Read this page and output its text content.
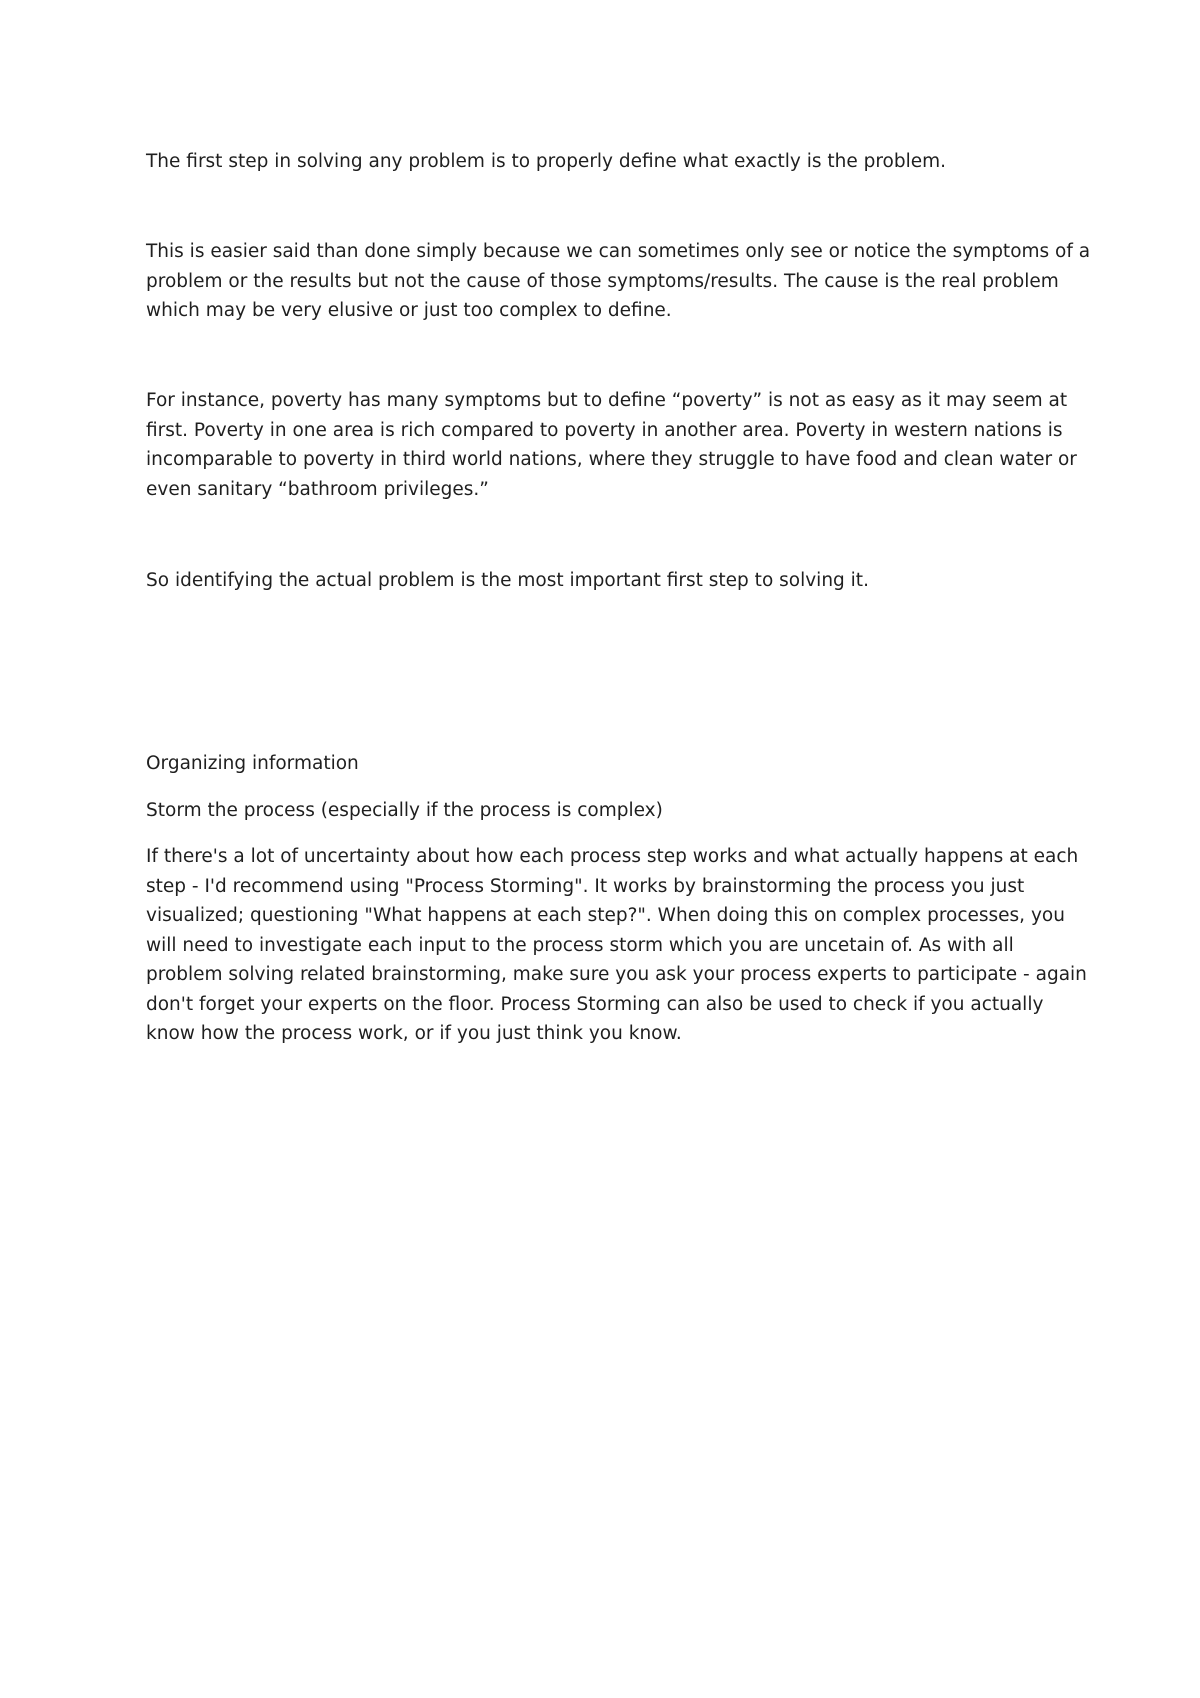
The first step in solving any problem is to properly define what exactly is the problem.

This is easier said than done simply because we can sometimes only see or notice the symptoms of a
problem or the results but not the cause of those symptoms/results. The cause is the real problem
which may be very elusive or just too complex to define.

For instance, poverty has many symptoms but to define “poverty” is not as easy as it may seem at
first. Poverty in one area is rich compared to poverty in another area. Poverty in western nations is
incomparable to poverty in third world nations, where they struggle to have food and clean water or
even sanitary “bathroom privileges.”

So identifying the actual problem is the most important first step to solving it.

Organizing information

Storm the process (especially if the process is complex)

If there's a lot of uncertainty about how each process step works and what actually happens at each
step - I'd recommend using "Process Storming". It works by brainstorming the process you just
visualized; questioning "What happens at each step?". When doing this on complex processes, you
will need to investigate each input to the process storm which you are uncetain of. As with all
problem solving related brainstorming, make sure you ask your process experts to participate - again
don't forget your experts on the floor. Process Storming can also be used to check if you actually
know how the process work, or if you just think you know.
